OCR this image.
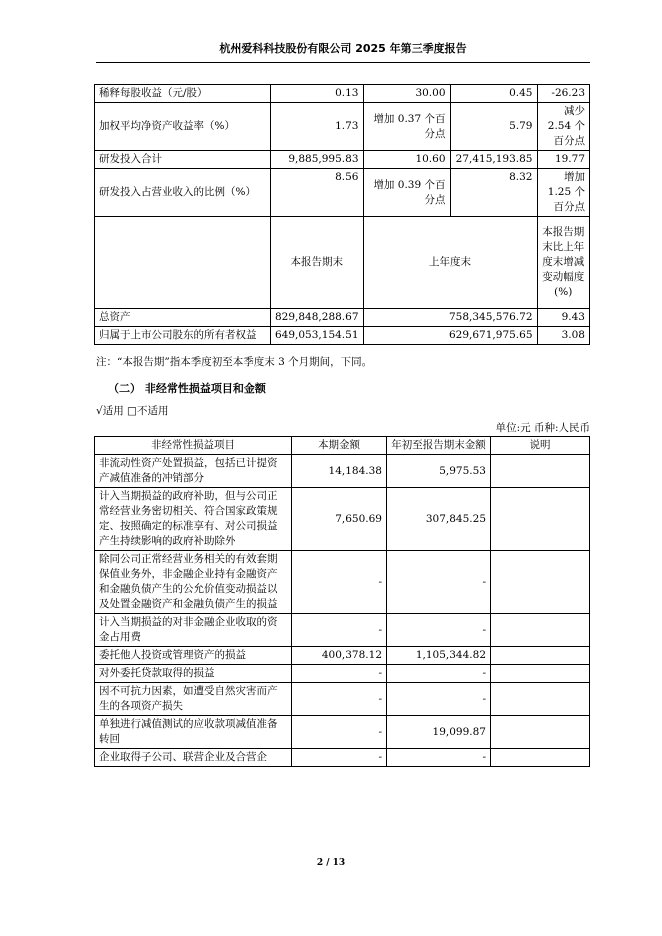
杭州爱科科技股份有限公司 2025 年第三季度报告
稀释每股收益（元/股）	0.13	30.00	0.45	-26.23
加权平均净资产收益率（%）	1.73	增加 0.37 个百分点	5.79	减少 2.54 个百分点
研发投入合计	9,885,995.83	10.60	27,415,193.85	19.77
研发投入占营业收入的比例（%）	8.56	增加 0.39 个百分点	8.32	增加 1.25 个百分点
	本报告期末	上年度末		本报告期末比上年度末增减变动幅度(%)
总资产	829,848,288.67	758,345,576.72		9.43
归属于上市公司股东的所有者权益	649,053,154.51	629,671,975.65		3.08
注：“本报告期”指本季度初至本季度末 3 个月期间，下同。
（二） 非经常性损益项目和金额
√适用 □不适用
单位:元 币种:人民币
非经常性损益项目	本期金额	年初至报告期末金额	说明
非流动性资产处置损益，包括已计提资产减值准备的冲销部分	14,184.38	5,975.53	
计入当期损益的政府补助，但与公司正常经营业务密切相关、符合国家政策规定、按照确定的标准享有、对公司损益产生持续影响的政府补助除外	7,650.69	307,845.25	
除同公司正常经营业务相关的有效套期保值业务外，非金融企业持有金融资产和金融负债产生的公允价值变动损益以及处置金融资产和金融负债产生的损益	-	-	
计入当期损益的对非金融企业收取的资金占用费	-	-	
委托他人投资或管理资产的损益	400,378.12	1,105,344.82	
对外委托贷款取得的损益	-	-	
因不可抗力因素，如遭受自然灾害而产生的各项资产损失	-	-	
单独进行减值测试的应收款项减值准备转回	-	19,099.87	
企业取得子公司、联营企业及合营企	-	-	
2 / 13
